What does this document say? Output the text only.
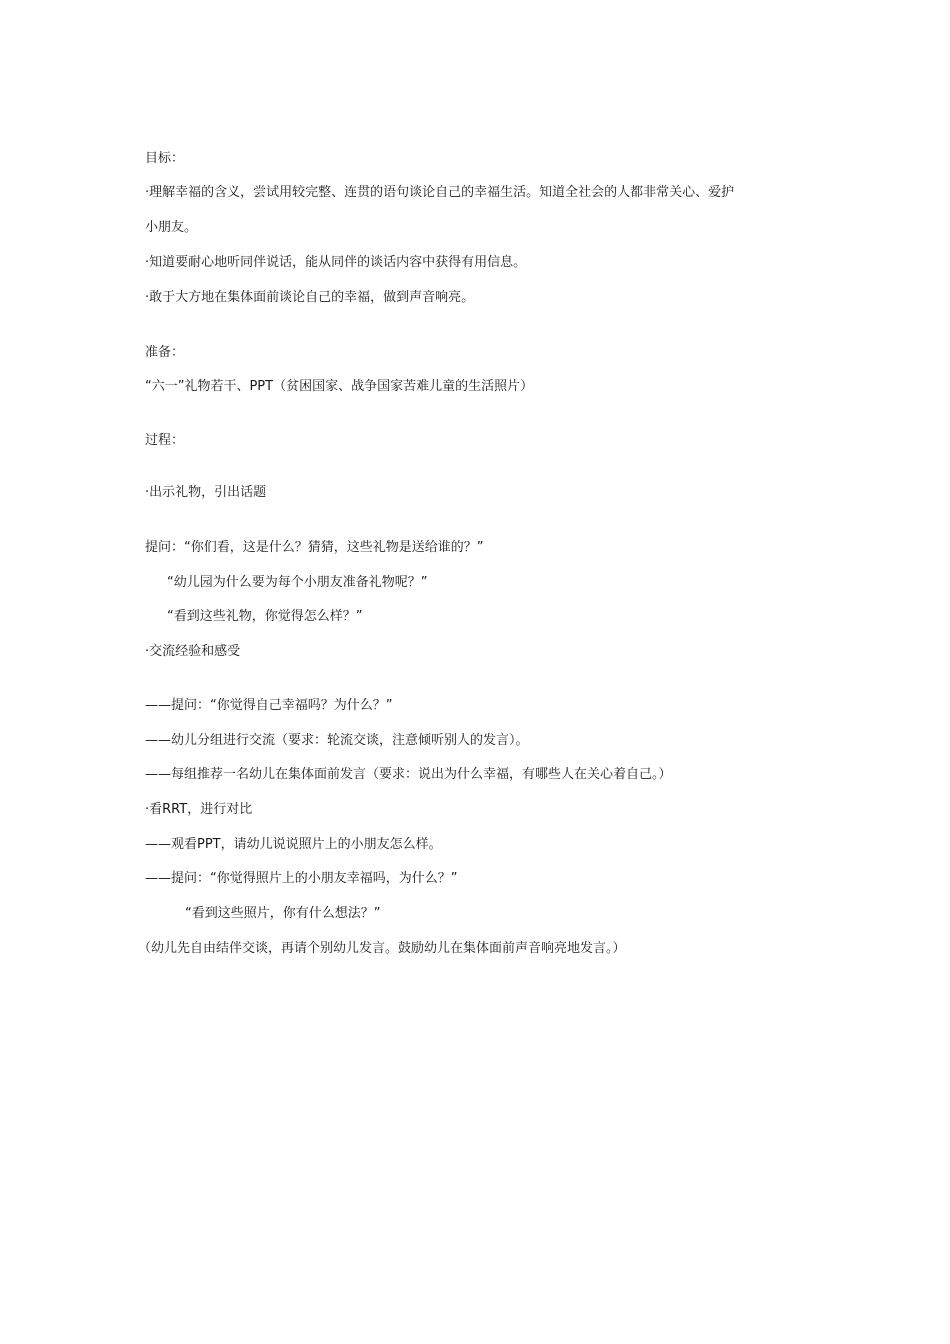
目标：
·理解幸福的含义，尝试用较完整、连贯的语句谈论自己的幸福生活。知道全社会的人都非常关心、爱护
小朋友。
·知道要耐心地听同伴说话，能从同伴的谈话内容中获得有用信息。
·敢于大方地在集体面前谈论自己的幸福，做到声音响亮。
准备：
“六一”礼物若干、PPT（贫困国家、战争国家苦难儿童的生活照片）
过程：
·出示礼物，引出话题
提问：“你们看，这是什么？猜猜，这些礼物是送给谁的？”
“幼儿园为什么要为每个小朋友准备礼物呢？”
“看到这些礼物，你觉得怎么样？”
·交流经验和感受
——提问：“你觉得自己幸福吗？为什么？”
——幼儿分组进行交流（要求：轮流交谈，注意倾听别人的发言）。
——每组推荐一名幼儿在集体面前发言（要求：说出为什么幸福，有哪些人在关心着自己。）
·看RRT，进行对比
——观看PPT，请幼儿说说照片上的小朋友怎么样。
——提问：“你觉得照片上的小朋友幸福吗，为什么？”
“看到这些照片，你有什么想法？”
（幼儿先自由结伴交谈，再请个别幼儿发言。鼓励幼儿在集体面前声音响亮地发言。）
